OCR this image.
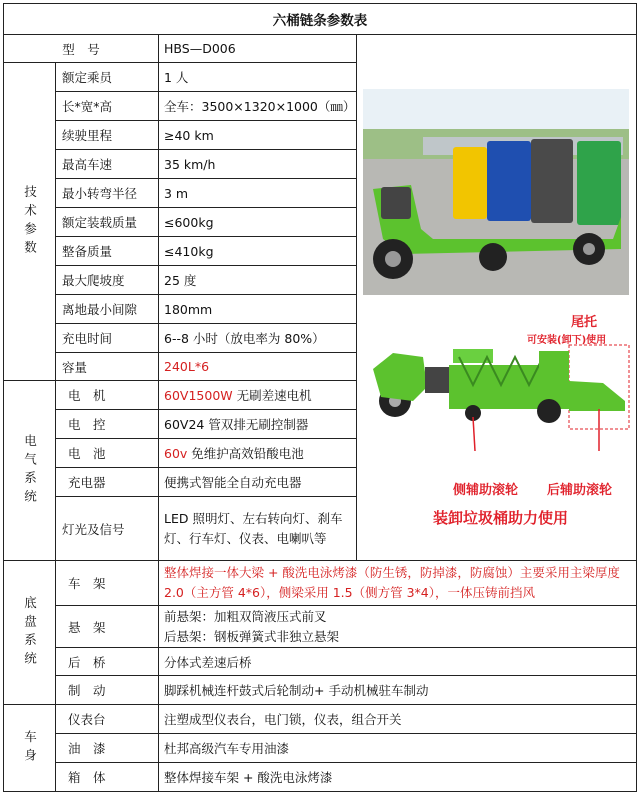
六桶链条参数表			
型　号		HBS—D006	尾托
可安装(卸下)使用
侧辅助滚轮 后辅助滚轮
装卸垃圾桶助力使用

技术参数	额定乘员	1 人	
	长*宽*高	全车：3500×1320×1000（㎜）	
	续驶里程	≥40 km	
	最高车速	35 km/h	
	最小转弯半径	3 m	
	额定装载质量	≤600kg	
	整备质量	≤410kg	
	最大爬坡度	25 度	
	离地最小间隙	180mm	
	充电时间	6--8 小时（放电率为 80%）	
	容量	240L*6	
电气系统	电　机	60V1500W 无刷差速电机	
	电　控	60V24 管双排无刷控制器	
	电　池	60v 免维护高效铅酸电池	
	充电器	便携式智能全自动充电器	
	灯光及信号	LED 照明灯、左右转向灯、刹车灯、行车灯、仪表、电喇叭等	
底盘系统	车　架	整体焊接一体大梁 + 酸洗电泳烤漆（防生锈，防掉漆，防腐蚀）主要采用主梁厚度 2.0（主方管 4*6），侧梁采用 1.5（侧方管 3*4），一体压铸前挡风	
	悬　架	前悬架：加粗双筒液压式前叉
后悬架：钢板弹簧式非独立悬架	

	后　桥	分体式差速后桥	
	制　动	脚踩机械连杆鼓式后轮制动+ 手动机械驻车制动	
车身	仪表台	注塑成型仪表台，电门锁，仪表，组合开关	
	油　漆	杜邦高级汽车专用油漆	
	箱　体	整体焊接车架 + 酸洗电泳烤漆	
